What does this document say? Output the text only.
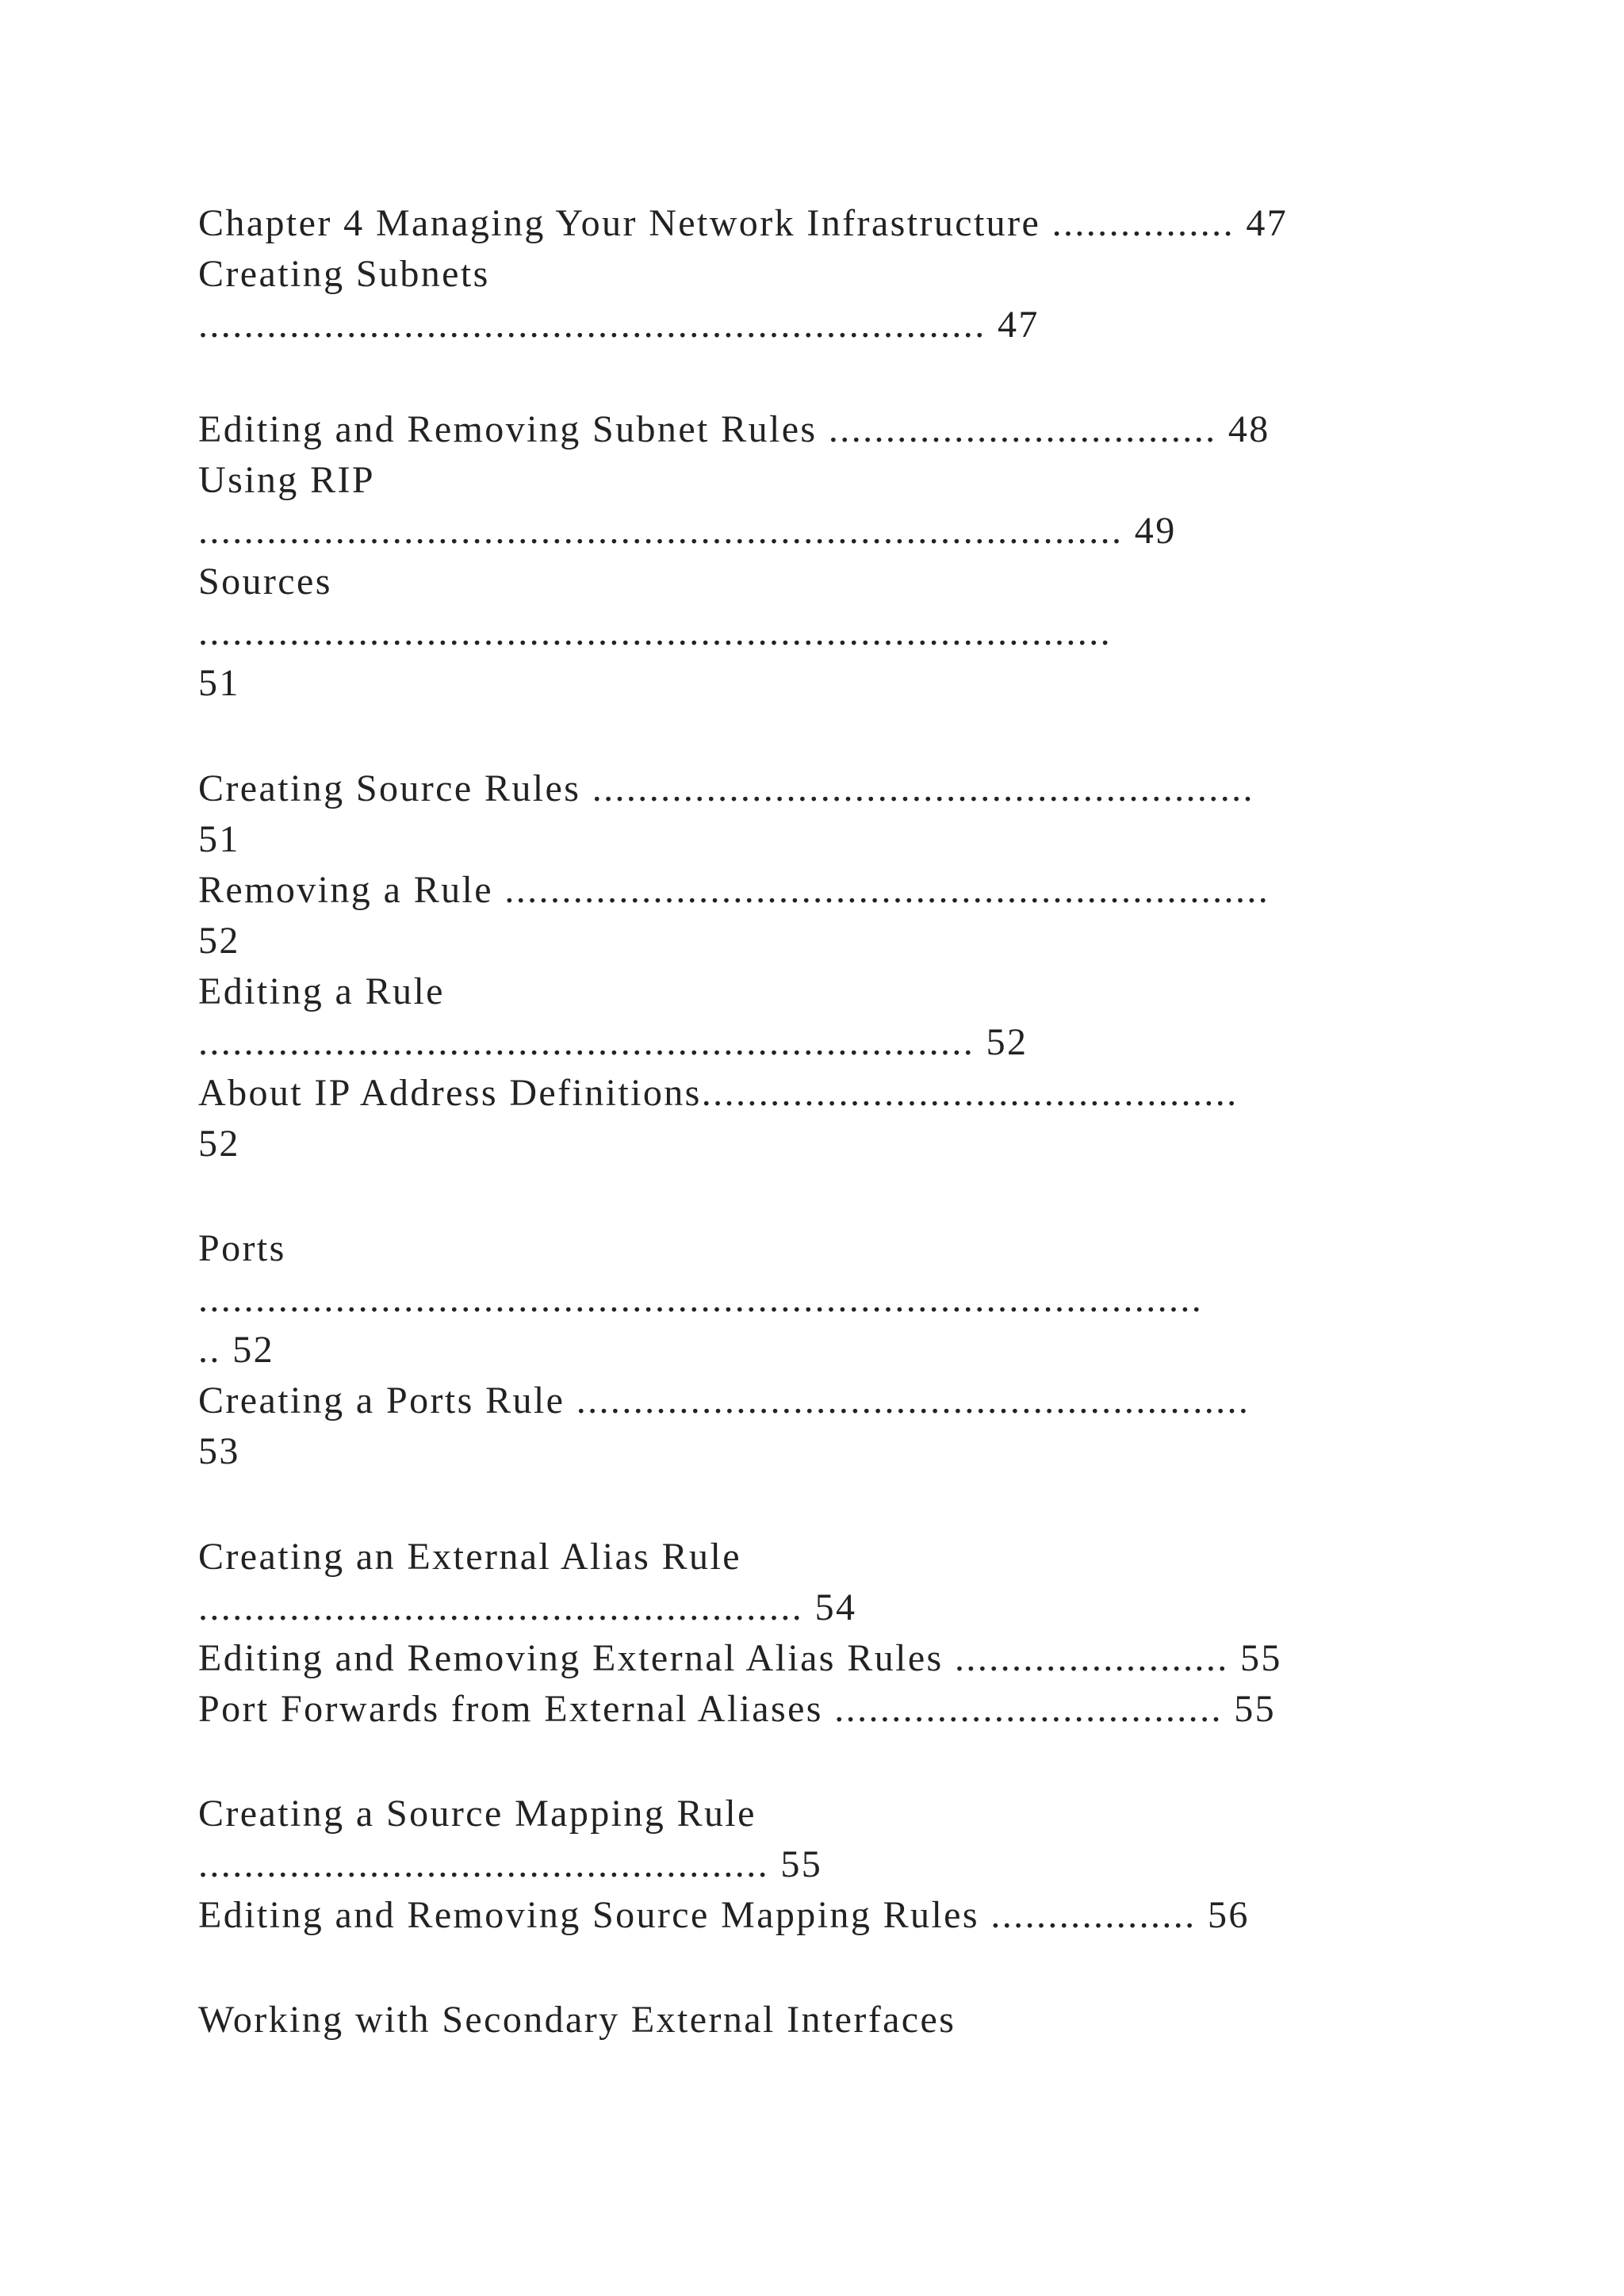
Chapter 4 Managing Your Network Infrastructure ................ 47

Creating Subnets

..................................................................... 47

Editing and Removing Subnet Rules .................................. 48

Using RIP

................................................................................. 49

Sources

................................................................................

51

Creating Source Rules ..........................................................

51

Removing a Rule ...................................................................

52

Editing a Rule

.................................................................... 52

About IP Address Definitions...............................................

52

Ports

........................................................................................

.. 52

Creating a Ports Rule ...........................................................

53

Creating an External Alias Rule

..................................................... 54

Editing and Removing External Alias Rules ........................ 55

Port Forwards from External Aliases .................................. 55

Creating a Source Mapping Rule

.................................................. 55

Editing and Removing Source Mapping Rules .................. 56

Working with Secondary External Interfaces
